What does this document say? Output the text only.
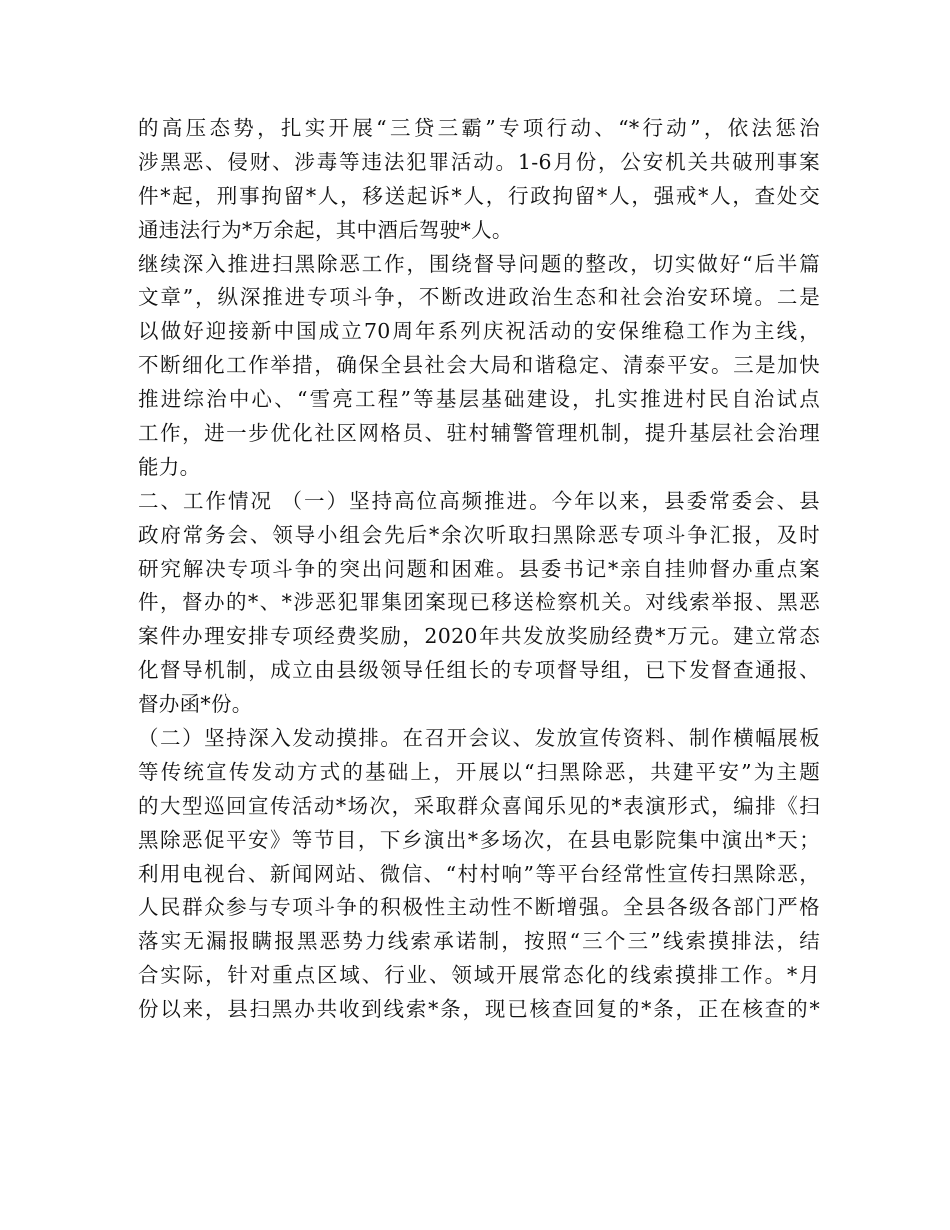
的高压态势，扎实开展“三贷三霸”专项行动、“*行动”，依法惩治
涉黑恶、侵财、涉毒等违法犯罪活动。1-6月份，公安机关共破刑事案
件*起，刑事拘留*人，移送起诉*人，行政拘留*人，强戒*人，查处交
通违法行为*万余起，其中酒后驾驶*人。
继续深入推进扫黑除恶工作，围绕督导问题的整改，切实做好“后半篇
文章”，纵深推进专项斗争，不断改进政治生态和社会治安环境。二是
以做好迎接新中国成立70周年系列庆祝活动的安保维稳工作为主线，
不断细化工作举措，确保全县社会大局和谐稳定、清泰平安。三是加快
推进综治中心、“雪亮工程”等基层基础建设，扎实推进村民自治试点
工作，进一步优化社区网格员、驻村辅警管理机制，提升基层社会治理
能力。
二、工作情况 （一）坚持高位高频推进。今年以来，县委常委会、县
政府常务会、领导小组会先后*余次听取扫黑除恶专项斗争汇报，及时
研究解决专项斗争的突出问题和困难。县委书记*亲自挂帅督办重点案
件，督办的*、*涉恶犯罪集团案现已移送检察机关。对线索举报、黑恶
案件办理安排专项经费奖励，2020年共发放奖励经费*万元。建立常态
化督导机制，成立由县级领导任组长的专项督导组，已下发督查通报、
督办函*份。
（二）坚持深入发动摸排。在召开会议、发放宣传资料、制作横幅展板
等传统宣传发动方式的基础上，开展以“扫黑除恶，共建平安”为主题
的大型巡回宣传活动*场次，采取群众喜闻乐见的*表演形式，编排《扫
黑除恶促平安》等节目，下乡演出*多场次，在县电影院集中演出*天；
利用电视台、新闻网站、微信、“村村响”等平台经常性宣传扫黑除恶，
人民群众参与专项斗争的积极性主动性不断增强。全县各级各部门严格
落实无漏报瞒报黑恶势力线索承诺制，按照“三个三”线索摸排法，结
合实际，针对重点区域、行业、领域开展常态化的线索摸排工作。*月
份以来，县扫黑办共收到线索*条，现已核查回复的*条，正在核查的*
